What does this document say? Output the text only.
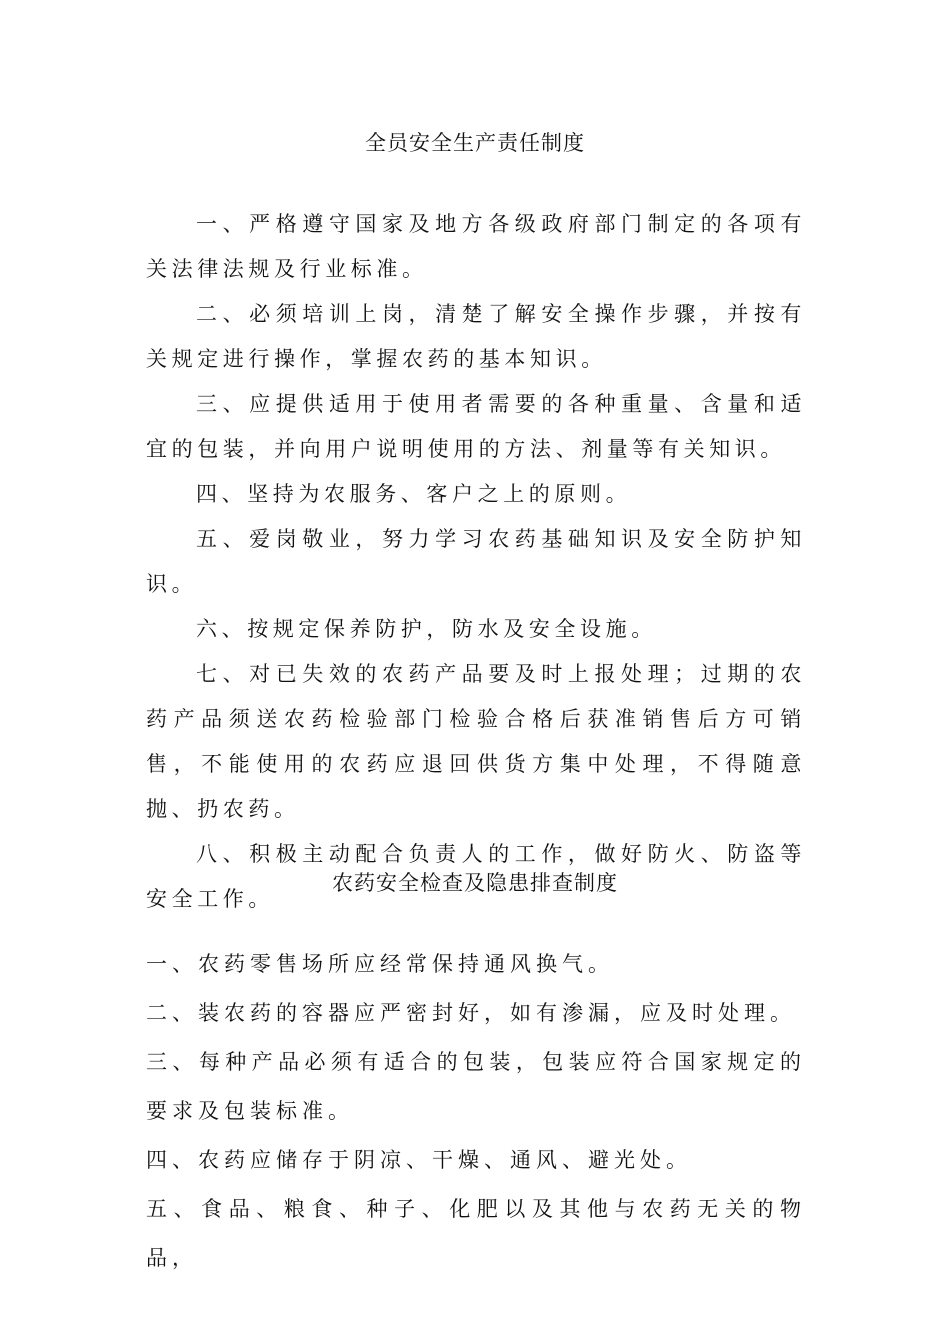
全员安全生产责任制度

一、严格遵守国家及地方各级政府部门制定的各项有关法律法规及行业标准。

二、必须培训上岗，清楚了解安全操作步骤，并按有关规定进行操作，掌握农药的基本知识。

三、应提供适用于使用者需要的各种重量、含量和适宜的包装，并向用户说明使用的方法、剂量等有关知识。

四、坚持为农服务、客户之上的原则。

五、爱岗敬业，努力学习农药基础知识及安全防护知识。

六、按规定保养防护，防水及安全设施。

七、对已失效的农药产品要及时上报处理；过期的农药产品须送农药检验部门检验合格后获准销售后方可销售，不能使用的农药应退回供货方集中处理，不得随意抛、扔农药。

八、积极主动配合负责人的工作，做好防火、防盗等安全工作。

农药安全检查及隐患排查制度

一、农药零售场所应经常保持通风换气。

二、装农药的容器应严密封好，如有渗漏，应及时处理。

三、每种产品必须有适合的包装，包装应符合国家规定的要求及包装标准。

四、农药应储存于阴凉、干燥、通风、避光处。

五、食品、粮食、种子、化肥以及其他与农药无关的物品，
